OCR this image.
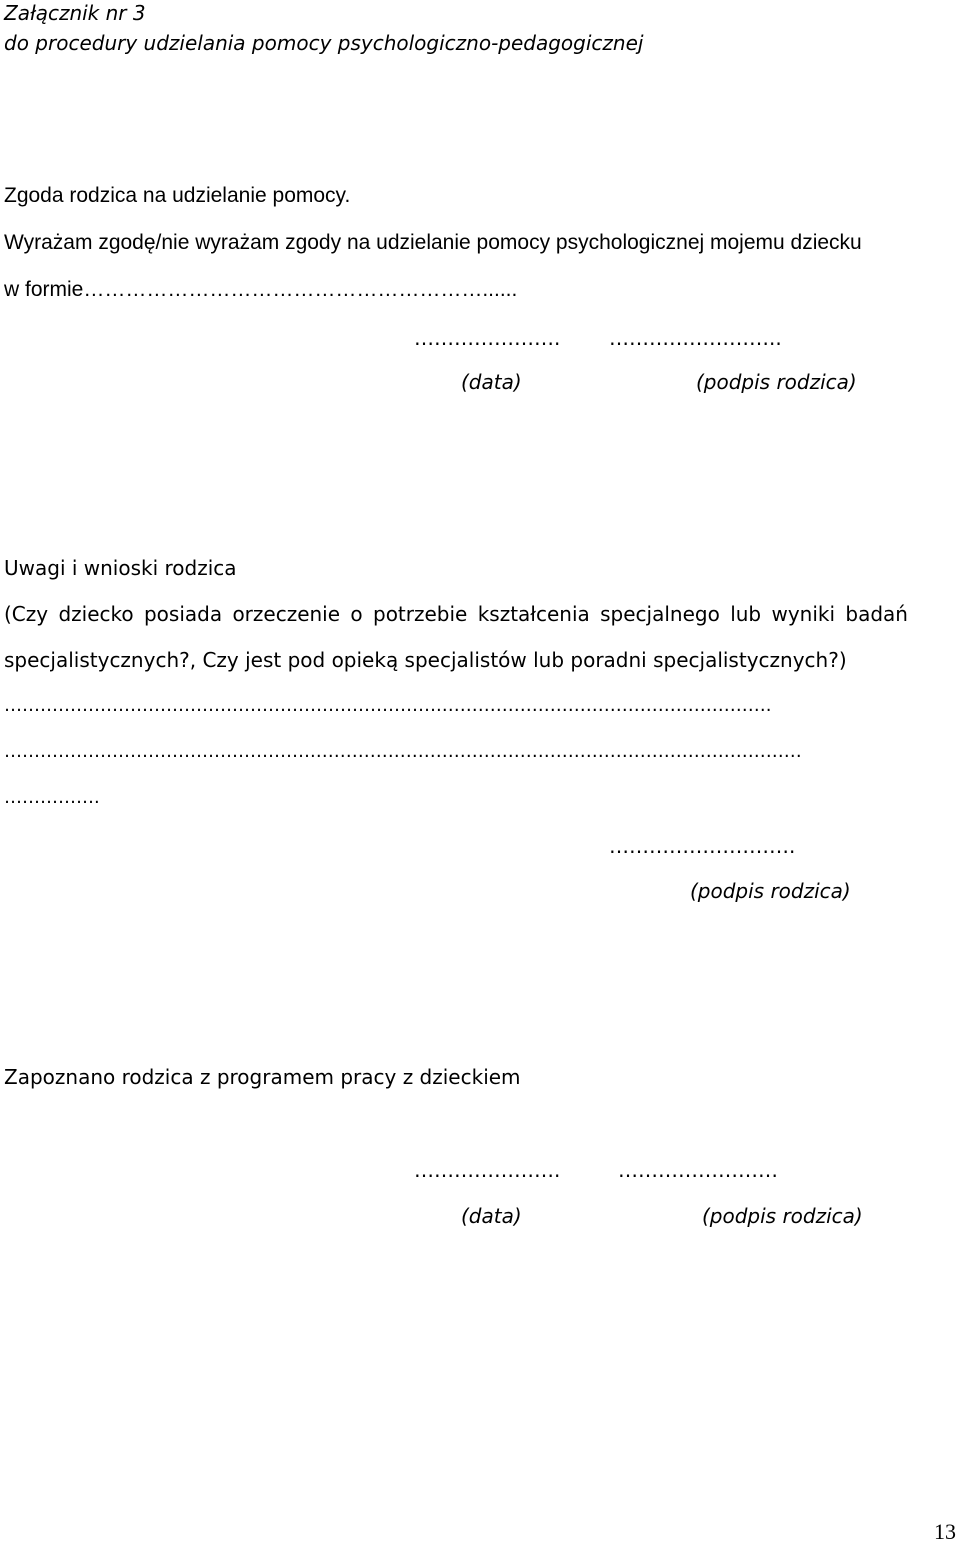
Załącznik nr 3

do procedury udzielania pomocy psychologiczno-pedagogicznej

Zgoda rodzica na udzielanie pomocy.

Wyrażam zgodę/nie wyrażam zgody na udzielanie pomocy psychologicznej mojemu dziecku

w formie…………………………………………………......

…………………. ……………………..

(data)	(podpis rodzica)

Uwagi i wnioski rodzica

(Czy dziecko posiada orzeczenie o potrzebie kształcenia specjalnego lub wyniki badań

specjalistycznych?, Czy jest pod opieką specjalistów lub poradni specjalistycznych?)

……………………………………………………………….……………………………………………….

…………………………………………….………………………………………………………………………

…………….

……………………….

(podpis rodzica)

Zapoznano rodzica z programem pracy z dzieckiem

………………….	……………………

(data)	(podpis rodzica)

13
